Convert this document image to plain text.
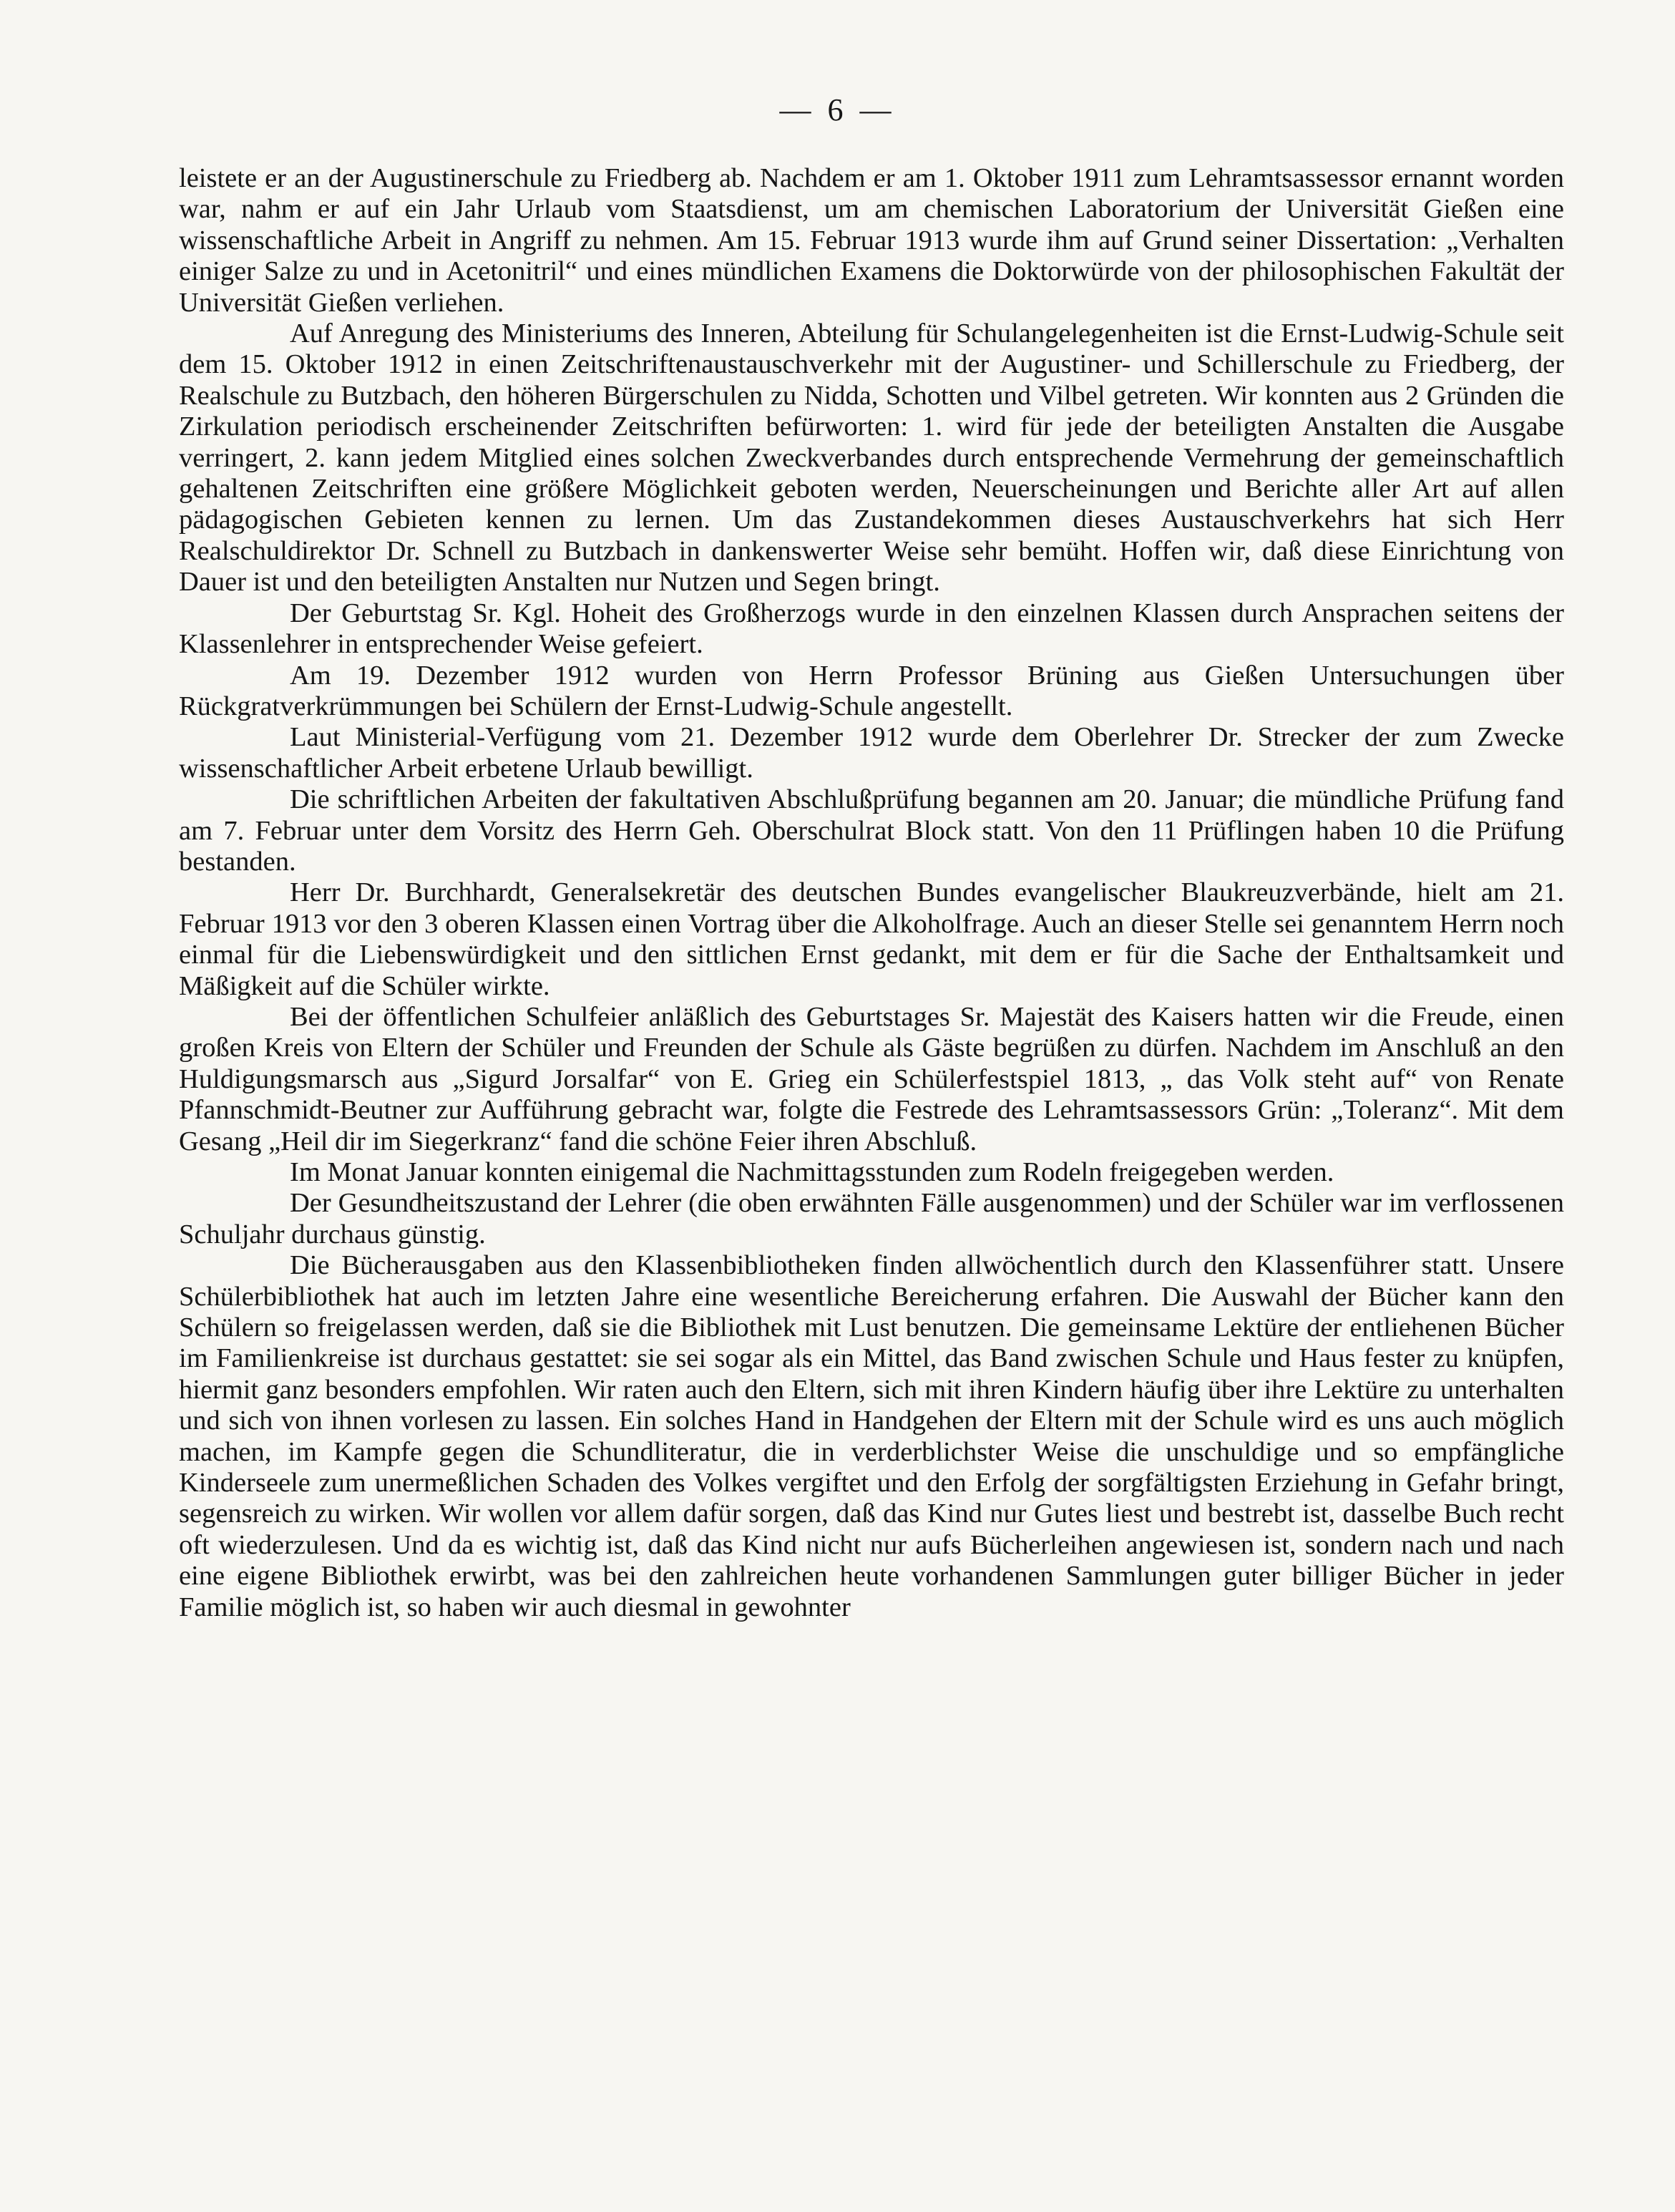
— 6 —

leistete er an der Augustinerschule zu Friedberg ab. Nachdem er am 1. Oktober 1911 zum Lehramtsassessor ernannt worden war, nahm er auf ein Jahr Urlaub vom Staatsdienst, um am chemischen Laboratorium der Universität Gießen eine wissenschaftliche Arbeit in Angriff zu nehmen. Am 15. Februar 1913 wurde ihm auf Grund seiner Dissertation: „Verhalten einiger Salze zu und in Acetonitril“ und eines mündlichen Examens die Doktorwürde von der philosophischen Fakultät der Universität Gießen verliehen.

Auf Anregung des Ministeriums des Inneren, Abteilung für Schulangelegenheiten ist die Ernst-Ludwig-Schule seit dem 15. Oktober 1912 in einen Zeitschriftenaustauschverkehr mit der Augustiner- und Schillerschule zu Friedberg, der Realschule zu Butzbach, den höheren Bürgerschulen zu Nidda, Schotten und Vilbel getreten. Wir konnten aus 2 Gründen die Zirkulation periodisch erscheinender Zeitschriften befürworten: 1. wird für jede der beteiligten Anstalten die Ausgabe verringert, 2. kann jedem Mitglied eines solchen Zweckverbandes durch entsprechende Vermehrung der gemeinschaftlich gehaltenen Zeitschriften eine größere Möglichkeit geboten werden, Neuerscheinungen und Berichte aller Art auf allen pädagogischen Gebieten kennen zu lernen. Um das Zustandekommen dieses Austauschverkehrs hat sich Herr Realschuldirektor Dr. Schnell zu Butzbach in dankenswerter Weise sehr bemüht. Hoffen wir, daß diese Einrichtung von Dauer ist und den beteiligten Anstalten nur Nutzen und Segen bringt.

Der Geburtstag Sr. Kgl. Hoheit des Großherzogs wurde in den einzelnen Klassen durch Ansprachen seitens der Klassenlehrer in entsprechender Weise gefeiert.

Am 19. Dezember 1912 wurden von Herrn Professor Brüning aus Gießen Untersuchungen über Rückgratverkrümmungen bei Schülern der Ernst-Ludwig-Schule angestellt.

Laut Ministerial-Verfügung vom 21. Dezember 1912 wurde dem Oberlehrer Dr. Strecker der zum Zwecke wissenschaftlicher Arbeit erbetene Urlaub bewilligt.

Die schriftlichen Arbeiten der fakultativen Abschlußprüfung begannen am 20. Januar; die mündliche Prüfung fand am 7. Februar unter dem Vorsitz des Herrn Geh. Oberschulrat Block statt. Von den 11 Prüflingen haben 10 die Prüfung bestanden.

Herr Dr. Burchhardt, Generalsekretär des deutschen Bundes evangelischer Blaukreuzverbände, hielt am 21. Februar 1913 vor den 3 oberen Klassen einen Vortrag über die Alkoholfrage. Auch an dieser Stelle sei genanntem Herrn noch einmal für die Liebenswürdigkeit und den sittlichen Ernst gedankt, mit dem er für die Sache der Enthaltsamkeit und Mäßigkeit auf die Schüler wirkte.

Bei der öffentlichen Schulfeier anläßlich des Geburtstages Sr. Majestät des Kaisers hatten wir die Freude, einen großen Kreis von Eltern der Schüler und Freunden der Schule als Gäste begrüßen zu dürfen. Nachdem im Anschluß an den Huldigungsmarsch aus „Sigurd Jorsalfar“ von E. Grieg ein Schülerfestspiel 1813, „ das Volk steht auf“ von Renate Pfannschmidt-Beutner zur Aufführung gebracht war, folgte die Festrede des Lehramtsassessors Grün: „Toleranz“. Mit dem Gesang „Heil dir im Siegerkranz“ fand die schöne Feier ihren Abschluß.

Im Monat Januar konnten einigemal die Nachmittagsstunden zum Rodeln freigegeben werden.

Der Gesundheitszustand der Lehrer (die oben erwähnten Fälle ausgenommen) und der Schüler war im verflossenen Schuljahr durchaus günstig.

Die Bücherausgaben aus den Klassenbibliotheken finden allwöchentlich durch den Klassenführer statt. Unsere Schülerbibliothek hat auch im letzten Jahre eine wesentliche Bereicherung erfahren. Die Auswahl der Bücher kann den Schülern so freigelassen werden, daß sie die Bibliothek mit Lust benutzen. Die gemeinsame Lektüre der entliehenen Bücher im Familienkreise ist durchaus gestattet: sie sei sogar als ein Mittel, das Band zwischen Schule und Haus fester zu knüpfen, hiermit ganz besonders empfohlen. Wir raten auch den Eltern, sich mit ihren Kindern häufig über ihre Lektüre zu unterhalten und sich von ihnen vorlesen zu lassen. Ein solches Hand in Handgehen der Eltern mit der Schule wird es uns auch möglich machen, im Kampfe gegen die Schundliteratur, die in verderblichster Weise die unschuldige und so empfängliche Kinderseele zum unermeßlichen Schaden des Volkes vergiftet und den Erfolg der sorgfältigsten Erziehung in Gefahr bringt, segensreich zu wirken. Wir wollen vor allem dafür sorgen, daß das Kind nur Gutes liest und bestrebt ist, dasselbe Buch recht oft wiederzulesen. Und da es wichtig ist, daß das Kind nicht nur aufs Bücherleihen angewiesen ist, sondern nach und nach eine eigene Bibliothek erwirbt, was bei den zahlreichen heute vorhandenen Sammlungen guter billiger Bücher in jeder Familie möglich ist, so haben wir auch diesmal in gewohnter
